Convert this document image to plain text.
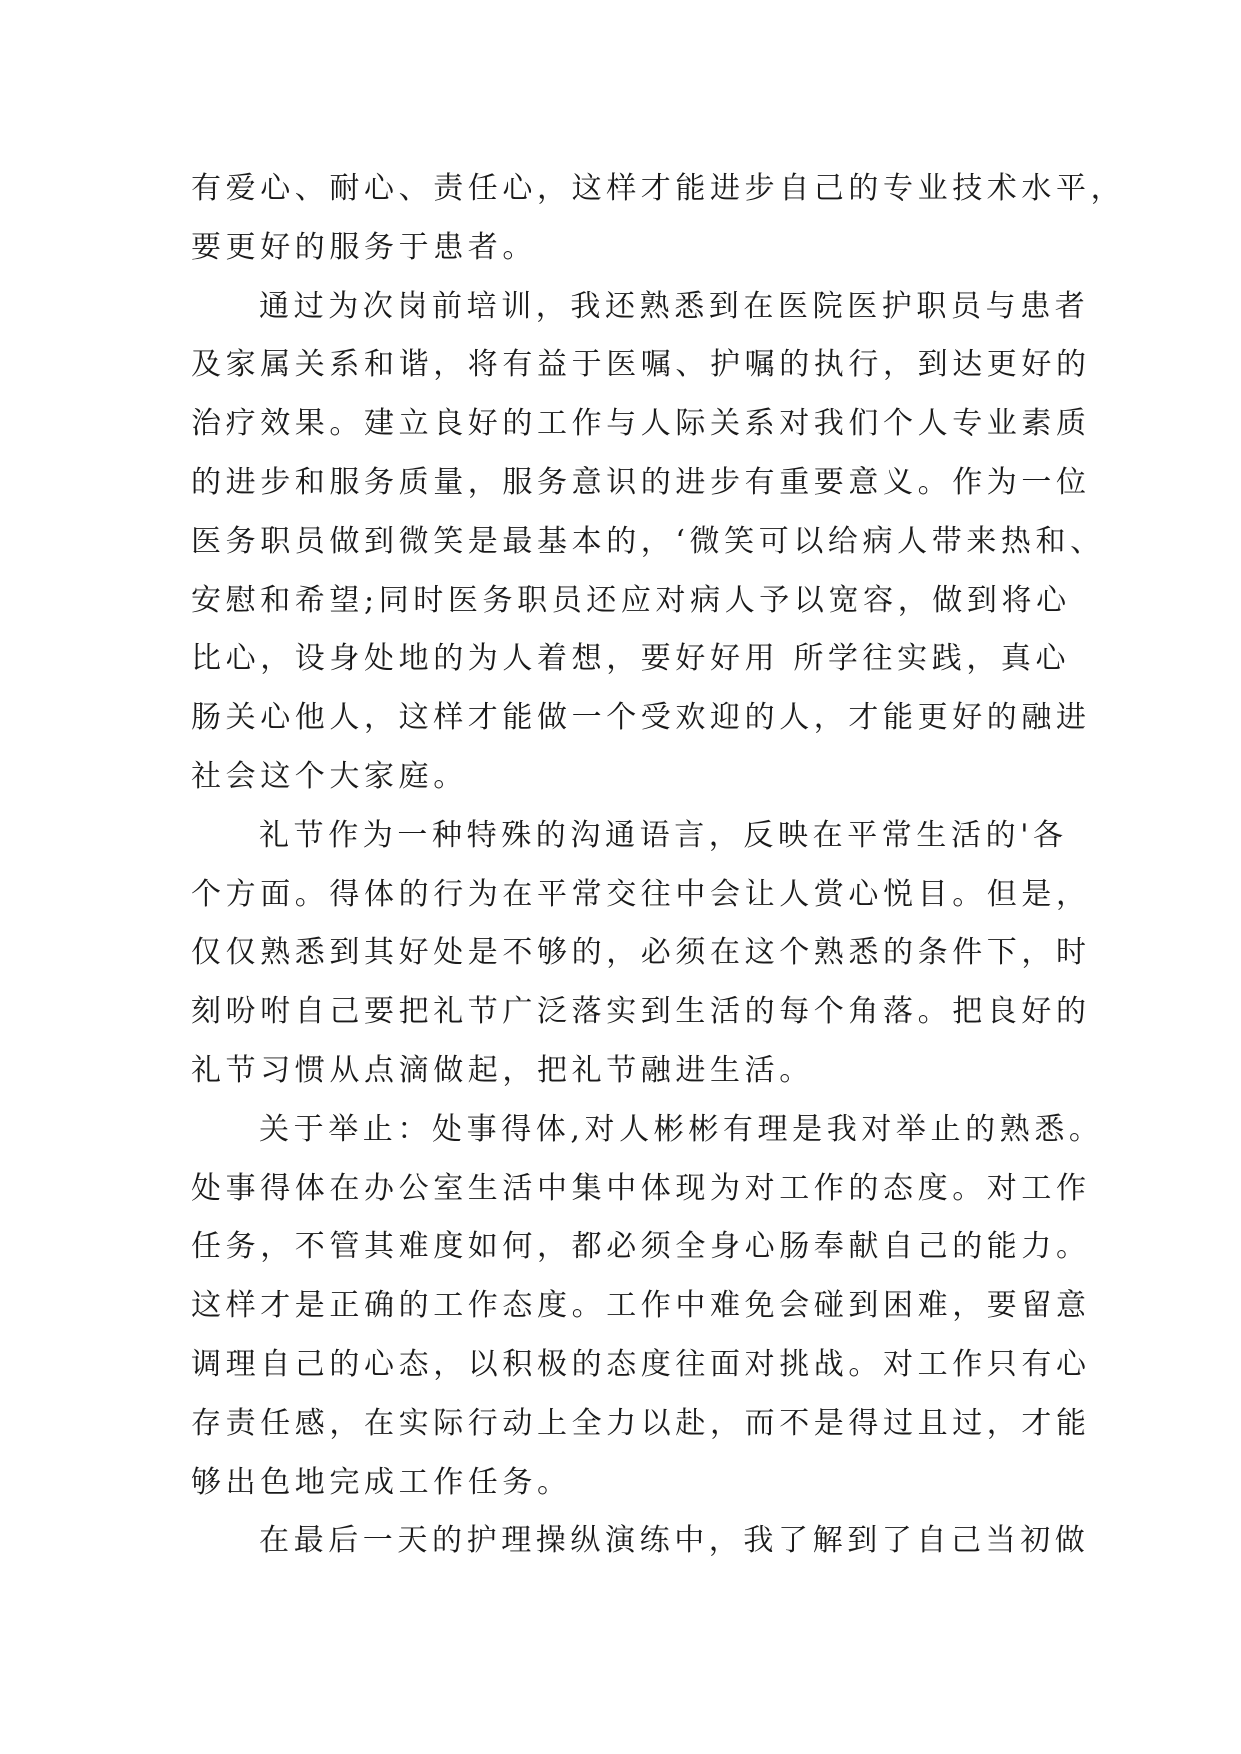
有爱心、耐心、责任心，这样才能进步自己的专业技术水平，
要更好的服务于患者。
通过为次岗前培训，我还熟悉到在医院医护职员与患者
及家属关系和谐，将有益于医嘱、护嘱的执行，到达更好的
治疗效果。建立良好的工作与人际关系对我们个人专业素质
的进步和服务质量，服务意识的进步有重要意义。作为一位
医务职员做到微笑是最基本的，‘微笑可以给病人带来热和、
安慰和希望;同时医务职员还应对病人予以宽容，做到将心
比心，设身处地的为人着想，要好好用 所学往实践，真心
肠关心他人，这样才能做一个受欢迎的人，才能更好的融进
社会这个大家庭。
礼节作为一种特殊的沟通语言，反映在平常生活的'各
个方面。得体的行为在平常交往中会让人赏心悦目。但是，
仅仅熟悉到其好处是不够的，必须在这个熟悉的条件下，时
刻吩咐自己要把礼节广泛落实到生活的每个角落。把良好的
礼节习惯从点滴做起，把礼节融进生活。
关于举止：处事得体,对人彬彬有理是我对举止的熟悉。
处事得体在办公室生活中集中体现为对工作的态度。对工作
任务，不管其难度如何，都必须全身心肠奉献自己的能力。
这样才是正确的工作态度。工作中难免会碰到困难，要留意
调理自己的心态，以积极的态度往面对挑战。对工作只有心
存责任感，在实际行动上全力以赴，而不是得过且过，才能
够出色地完成工作任务。
在最后一天的护理操纵演练中，我了解到了自己当初做
